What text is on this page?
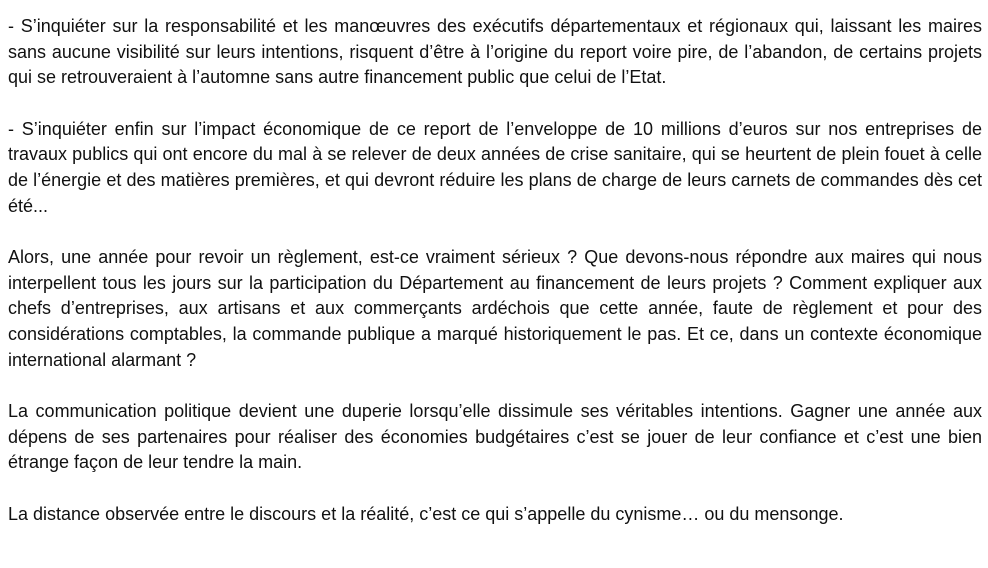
- S’inquiéter sur la responsabilité et les manœuvres des exécutifs départementaux et régionaux qui, laissant les maires sans aucune visibilité sur leurs intentions, risquent d’être à l’origine du report voire pire, de l’abandon, de certains projets qui se retrouveraient à l’automne sans autre financement public que celui de l’Etat.

- S’inquiéter enfin sur l’impact économique de ce report de l’enveloppe de 10 millions d’euros sur nos entreprises de travaux publics qui ont encore du mal à se relever de deux années de crise sanitaire, qui se heurtent de plein fouet à celle de l’énergie et des matières premières, et qui devront réduire les plans de charge de leurs carnets de commandes dès cet été...

Alors, une année pour revoir un règlement, est-ce vraiment sérieux ? Que devons-nous répondre aux maires qui nous interpellent tous les jours sur la participation du Département au financement de leurs projets ? Comment expliquer aux chefs d’entreprises, aux artisans et aux commerçants ardéchois que cette année, faute de règlement et pour des considérations comptables, la commande publique a marqué historiquement le pas. Et ce, dans un contexte économique international alarmant ?

La communication politique devient une duperie lorsqu’elle dissimule ses véritables intentions. Gagner une année aux dépens de ses partenaires pour réaliser des économies budgétaires c’est se jouer de leur confiance et c’est une bien étrange façon de leur tendre la main.

La distance observée entre le discours et la réalité, c’est ce qui s’appelle du cynisme… ou du mensonge.
